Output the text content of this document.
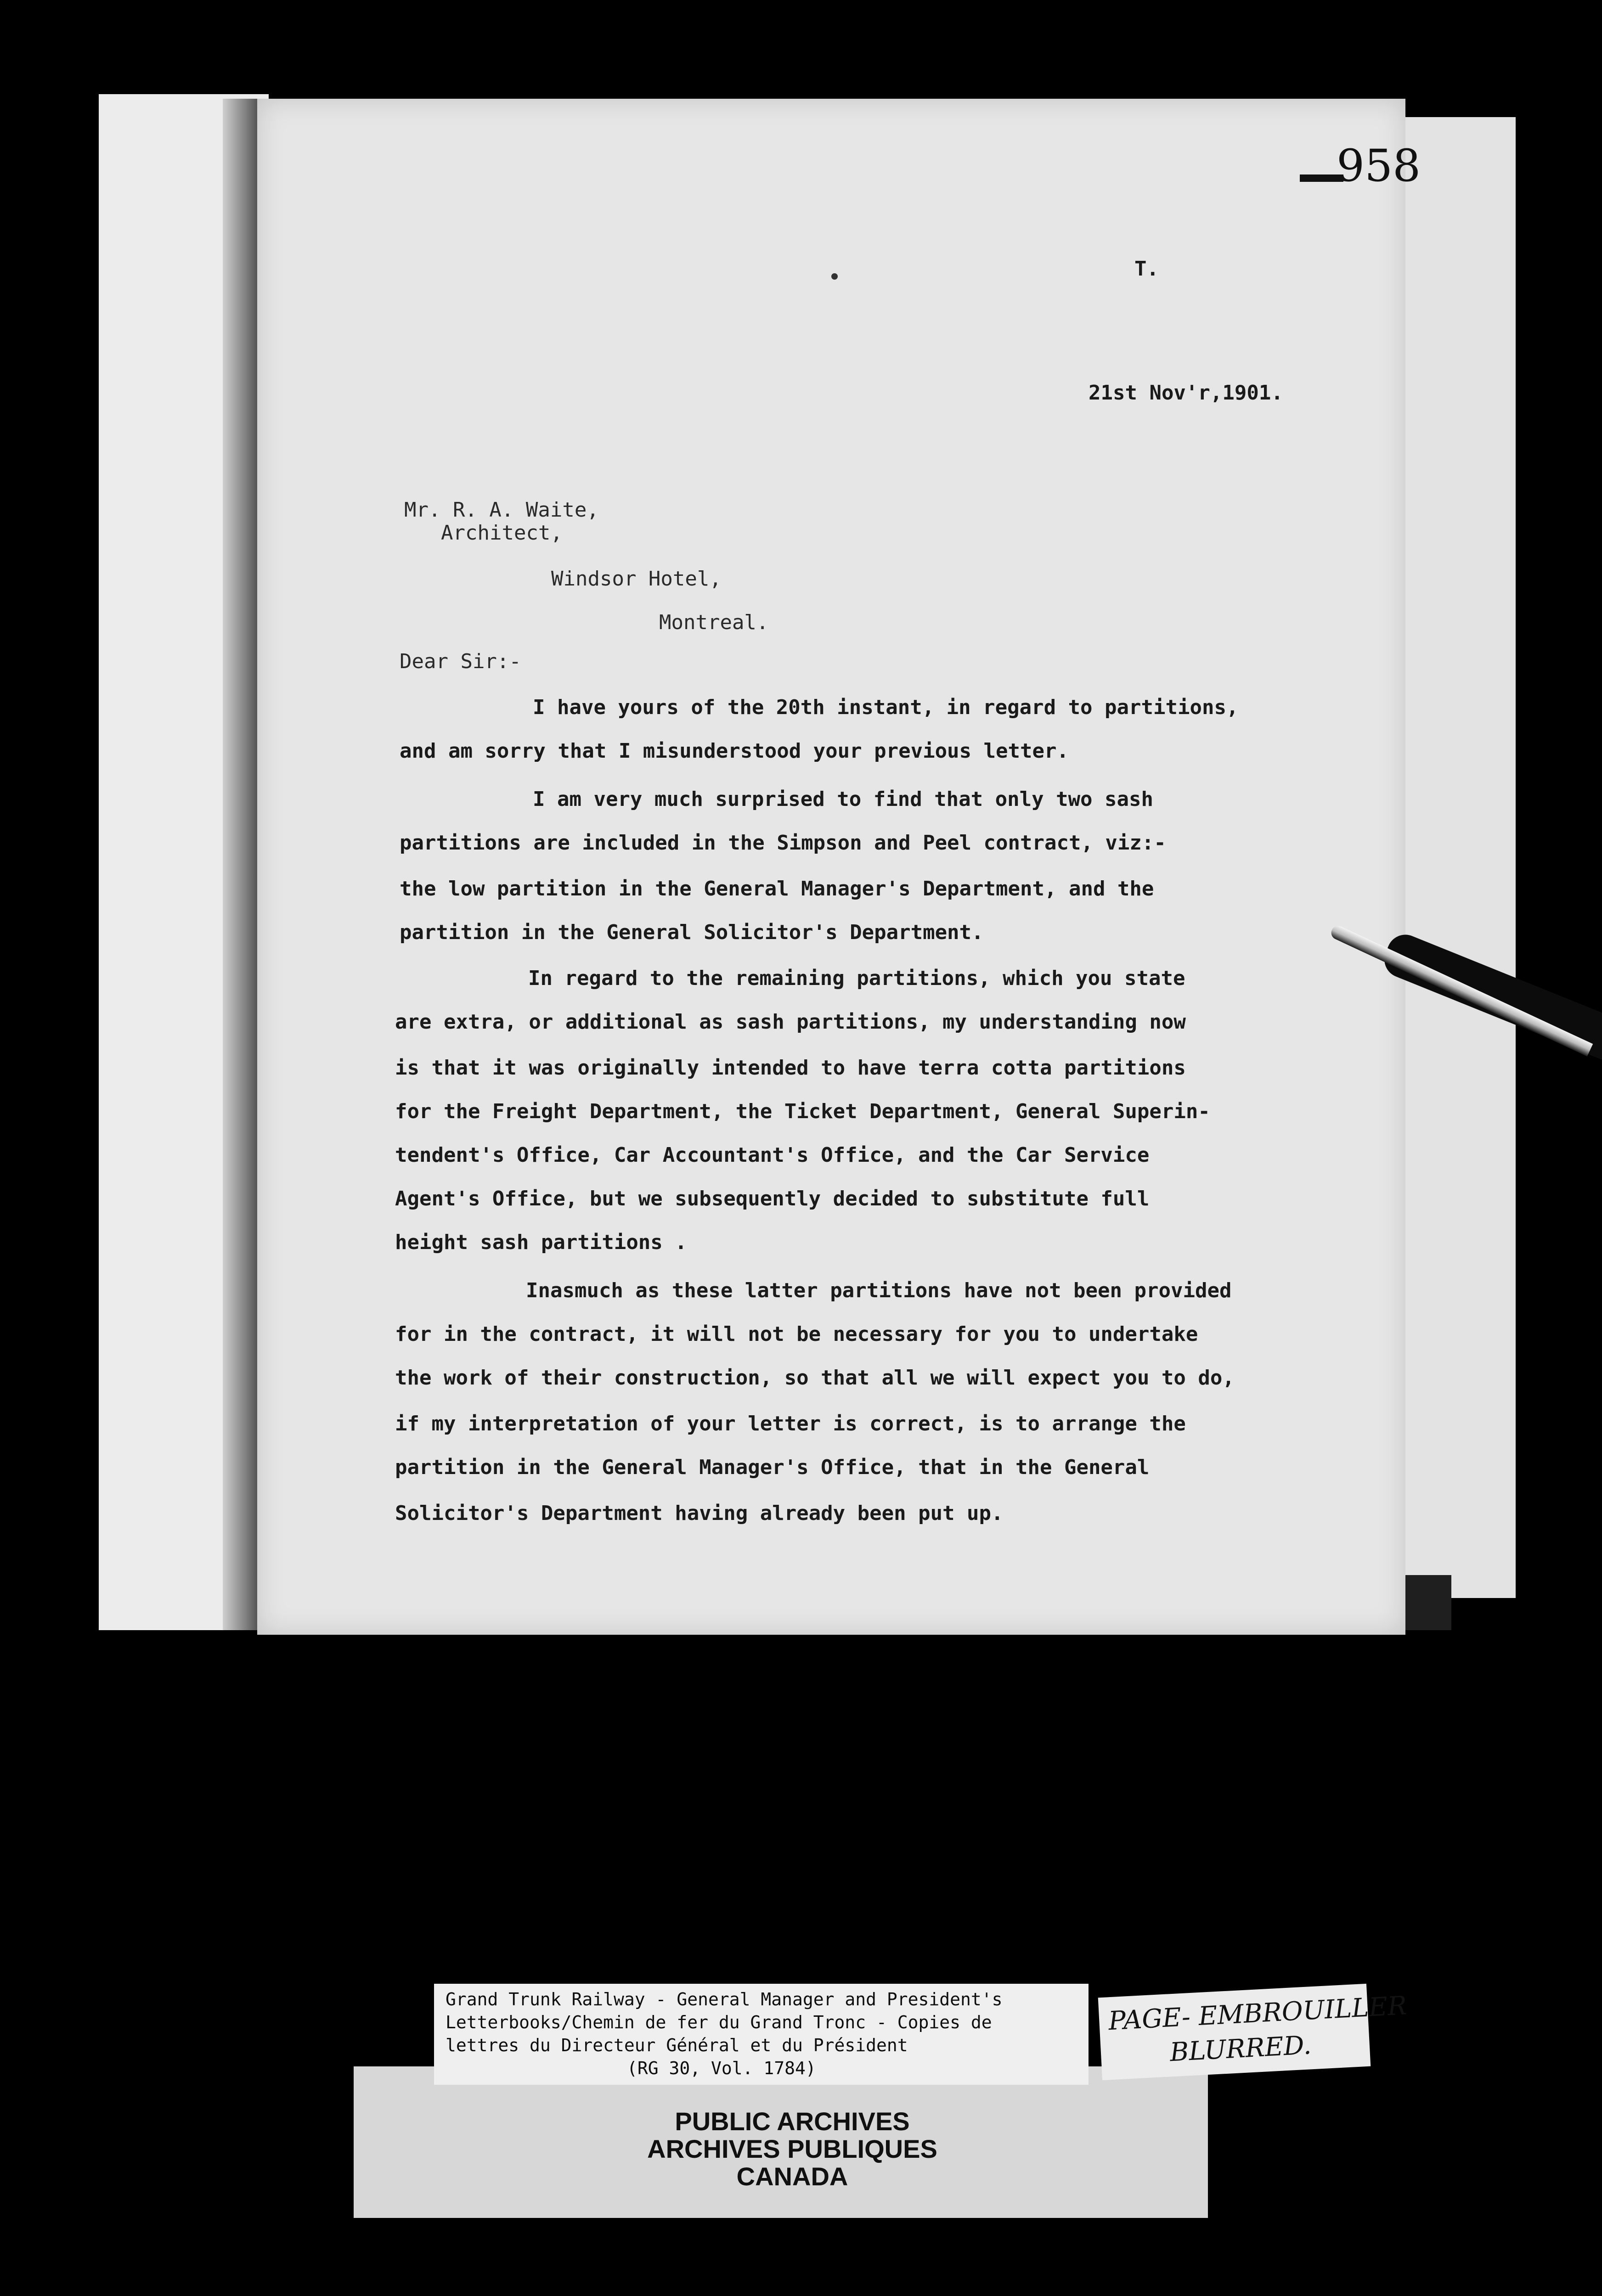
958
T.
21st Nov'r,1901.
Mr. R. A. Waite,
Architect,
Windsor Hotel,
Montreal.
Dear Sir:-
I have yours of the 20th instant, in regard to partitions,
and am sorry that I misunderstood your previous letter.
I am very much surprised to find that only two sash
partitions are included in the Simpson and Peel contract, viz:-
the low partition in the General Manager's Department, and the
partition in the General Solicitor's Department.
In regard to the remaining partitions, which you state
are extra, or additional as sash partitions, my understanding now
is that it was originally intended to have terra cotta partitions
for the Freight Department, the Ticket Department, General Superin-
tendent's Office, Car Accountant's Office, and the Car Service
Agent's Office, but we subsequently decided to substitute full
height sash partitions .
Inasmuch as these latter partitions have not been provided
for in the contract, it will not be necessary for you to undertake
the work of their construction, so that all we will expect you to do,
if my interpretation of your letter is correct, is to arrange the
partition in the General Manager's Office, that in the General
Solicitor's Department having already been put up.
Grand Trunk Railway - General Manager and President's
Letterbooks/Chemin de fer du Grand Tronc - Copies de
lettres du Directeur Général et du Président
(RG 30, Vol. 1784)
PUBLIC ARCHIVES
ARCHIVES PUBLIQUES
CANADA
PAGE- EMBROUILLER
BLURRED.
